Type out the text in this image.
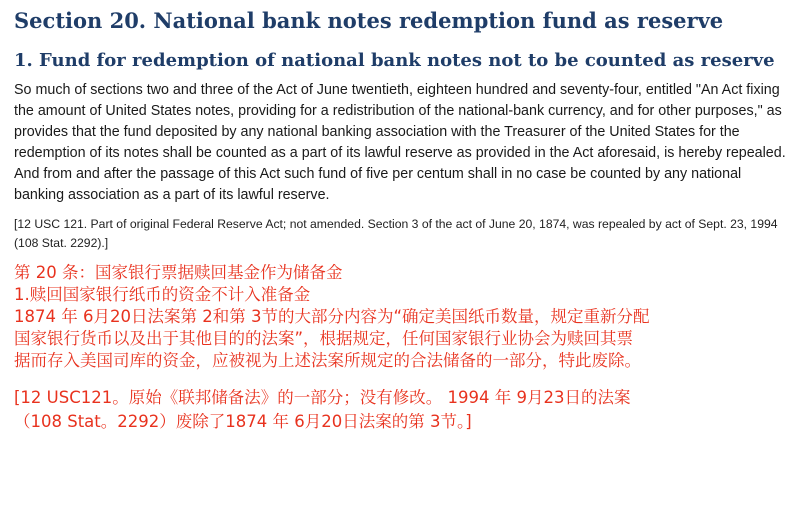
Section 20. National bank notes redemption fund as reserve
1. Fund for redemption of national bank notes not to be counted as reserve

So much of sections two and three of the Act of June twentieth, eighteen hundred and seventy-four, entitled "An Act fixing the amount of United States notes, providing for a redistribution of the national-bank currency, and for other purposes," as provides that the fund deposited by any national banking association with the Treasurer of the United States for the redemption of its notes shall be counted as a part of its lawful reserve as provided in the Act aforesaid, is hereby repealed. And from and after the passage of this Act such fund of five per centum shall in no case be counted by any national banking association as a part of its lawful reserve.

[12 USC 121. Part of original Federal Reserve Act; not amended. Section 3 of the act of June 20, 1874, was repealed by act of Sept. 23, 1994 (108 Stat. 2292).]

第 20 条：国家银行票据赎回基金作为储备金
1.赎回国家银行纸币的资金不计入准备金
1874 年 6月20日法案第 2和第 3节的大部分内容为“确定美国纸币数量，规定重新分配
国家银行货币以及出于其他目的的法案”，根据规定，任何国家银行业协会为赎回其票
据而存入美国司库的资金，应被视为上述法案所规定的合法储备的一部分，特此废除。
[12 USC121。原始《联邦储备法》的一部分；没有修改。 1994 年 9月23日的法案
（108 Stat。2292）废除了1874 年 6月20日法案的第 3节。]
